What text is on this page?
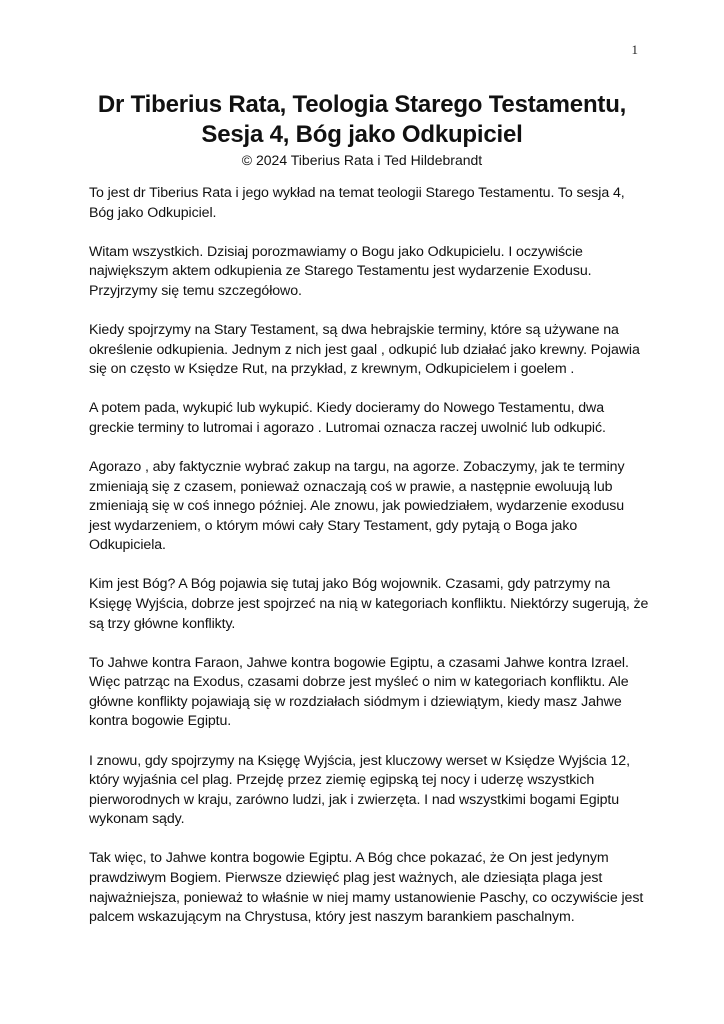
1
Dr Tiberius Rata, Teologia Starego Testamentu,
Sesja 4, Bóg jako Odkupiciel
© 2024 Tiberius Rata i Ted Hildebrandt

To jest dr Tiberius Rata i jego wykład na temat teologii Starego Testamentu. To sesja 4, Bóg jako Odkupiciel.

Witam wszystkich. Dzisiaj porozmawiamy o Bogu jako Odkupicielu. I oczywiście największym aktem odkupienia ze Starego Testamentu jest wydarzenie Exodusu. Przyjrzymy się temu szczegółowo.

Kiedy spojrzymy na Stary Testament, są dwa hebrajskie terminy, które są używane na określenie odkupienia. Jednym z nich jest gaal , odkupić lub działać jako krewny. Pojawia się on często w Księdze Rut, na przykład, z krewnym, Odkupicielem i goelem .

A potem pada, wykupić lub wykupić. Kiedy docieramy do Nowego Testamentu, dwa greckie terminy to lutromai i agorazo . Lutromai oznacza raczej uwolnić lub odkupić.

Agorazo , aby faktycznie wybrać zakup na targu, na agorze. Zobaczymy, jak te terminy zmieniają się z czasem, ponieważ oznaczają coś w prawie, a następnie ewoluują lub zmieniają się w coś innego później. Ale znowu, jak powiedziałem, wydarzenie exodusu jest wydarzeniem, o którym mówi cały Stary Testament, gdy pytają o Boga jako Odkupiciela.

Kim jest Bóg? A Bóg pojawia się tutaj jako Bóg wojownik. Czasami, gdy patrzymy na Księgę Wyjścia, dobrze jest spojrzeć na nią w kategoriach konfliktu. Niektórzy sugerują, że są trzy główne konflikty.

To Jahwe kontra Faraon, Jahwe kontra bogowie Egiptu, a czasami Jahwe kontra Izrael. Więc patrząc na Exodus, czasami dobrze jest myśleć o nim w kategoriach konfliktu. Ale główne konflikty pojawiają się w rozdziałach siódmym i dziewiątym, kiedy masz Jahwe kontra bogowie Egiptu.

I znowu, gdy spojrzymy na Księgę Wyjścia, jest kluczowy werset w Księdze Wyjścia 12, który wyjaśnia cel plag. Przejdę przez ziemię egipską tej nocy i uderzę wszystkich pierworodnych w kraju, zarówno ludzi, jak i zwierzęta. I nad wszystkimi bogami Egiptu wykonam sądy.

Tak więc, to Jahwe kontra bogowie Egiptu. A Bóg chce pokazać, że On jest jedynym prawdziwym Bogiem. Pierwsze dziewięć plag jest ważnych, ale dziesiąta plaga jest najważniejsza, ponieważ to właśnie w niej mamy ustanowienie Paschy, co oczywiście jest palcem wskazującym na Chrystusa, który jest naszym barankiem paschalnym.
